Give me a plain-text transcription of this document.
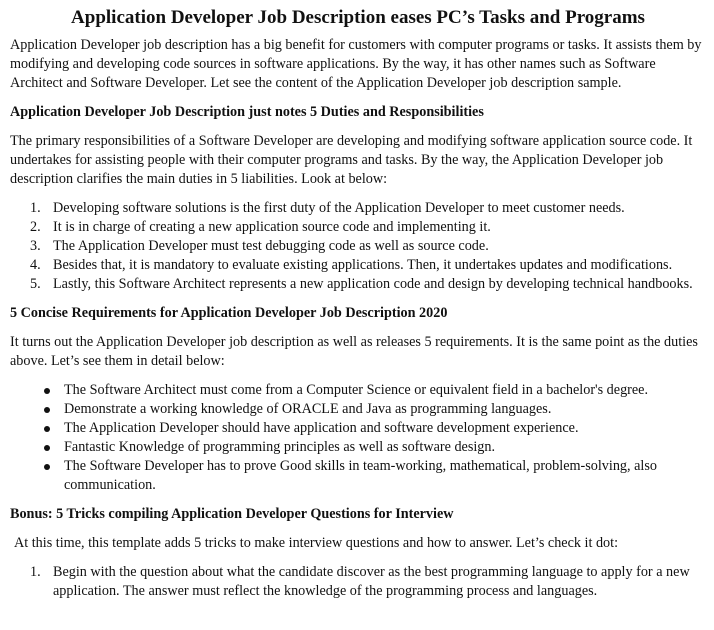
Application Developer Job Description eases PC’s Tasks and Programs

Application Developer job description has a big benefit for customers with computer programs or tasks. It assists them by modifying and developing code sources in software applications. By the way, it has other names such as Software Architect and Software Developer. Let see the content of the Application Developer job description sample.

Application Developer Job Description just notes 5 Duties and Responsibilities

The primary responsibilities of a Software Developer are developing and modifying software application source code. It undertakes for assisting people with their computer programs and tasks. By the way, the Application Developer job description clarifies the main duties in 5 liabilities. Look at below:

1. Developing software solutions is the first duty of the Application Developer to meet customer needs.
2. It is in charge of creating a new application source code and implementing it.
3. The Application Developer must test debugging code as well as source code.
4. Besides that, it is mandatory to evaluate existing applications. Then, it undertakes updates and modifications.
5. Lastly, this Software Architect represents a new application code and design by developing technical handbooks.
5 Concise Requirements for Application Developer Job Description 2020

It turns out the Application Developer job description as well as releases 5 requirements. It is the same point as the duties above. Let’s see them in detail below:

The Software Architect must come from a Computer Science or equivalent field in a bachelor's degree.
Demonstrate a working knowledge of ORACLE and Java as programming languages.
The Application Developer should have application and software development experience.
Fantastic Knowledge of programming principles as well as software design.
The Software Developer has to prove Good skills in team-working, mathematical, problem-solving, also communication.
Bonus: 5 Tricks compiling Application Developer Questions for Interview

At this time, this template adds 5 tricks to make interview questions and how to answer. Let’s check it dot:

1. Begin with the question about what the candidate discover as the best programming language to apply for a new application. The answer must reflect the knowledge of the programming process and languages.
